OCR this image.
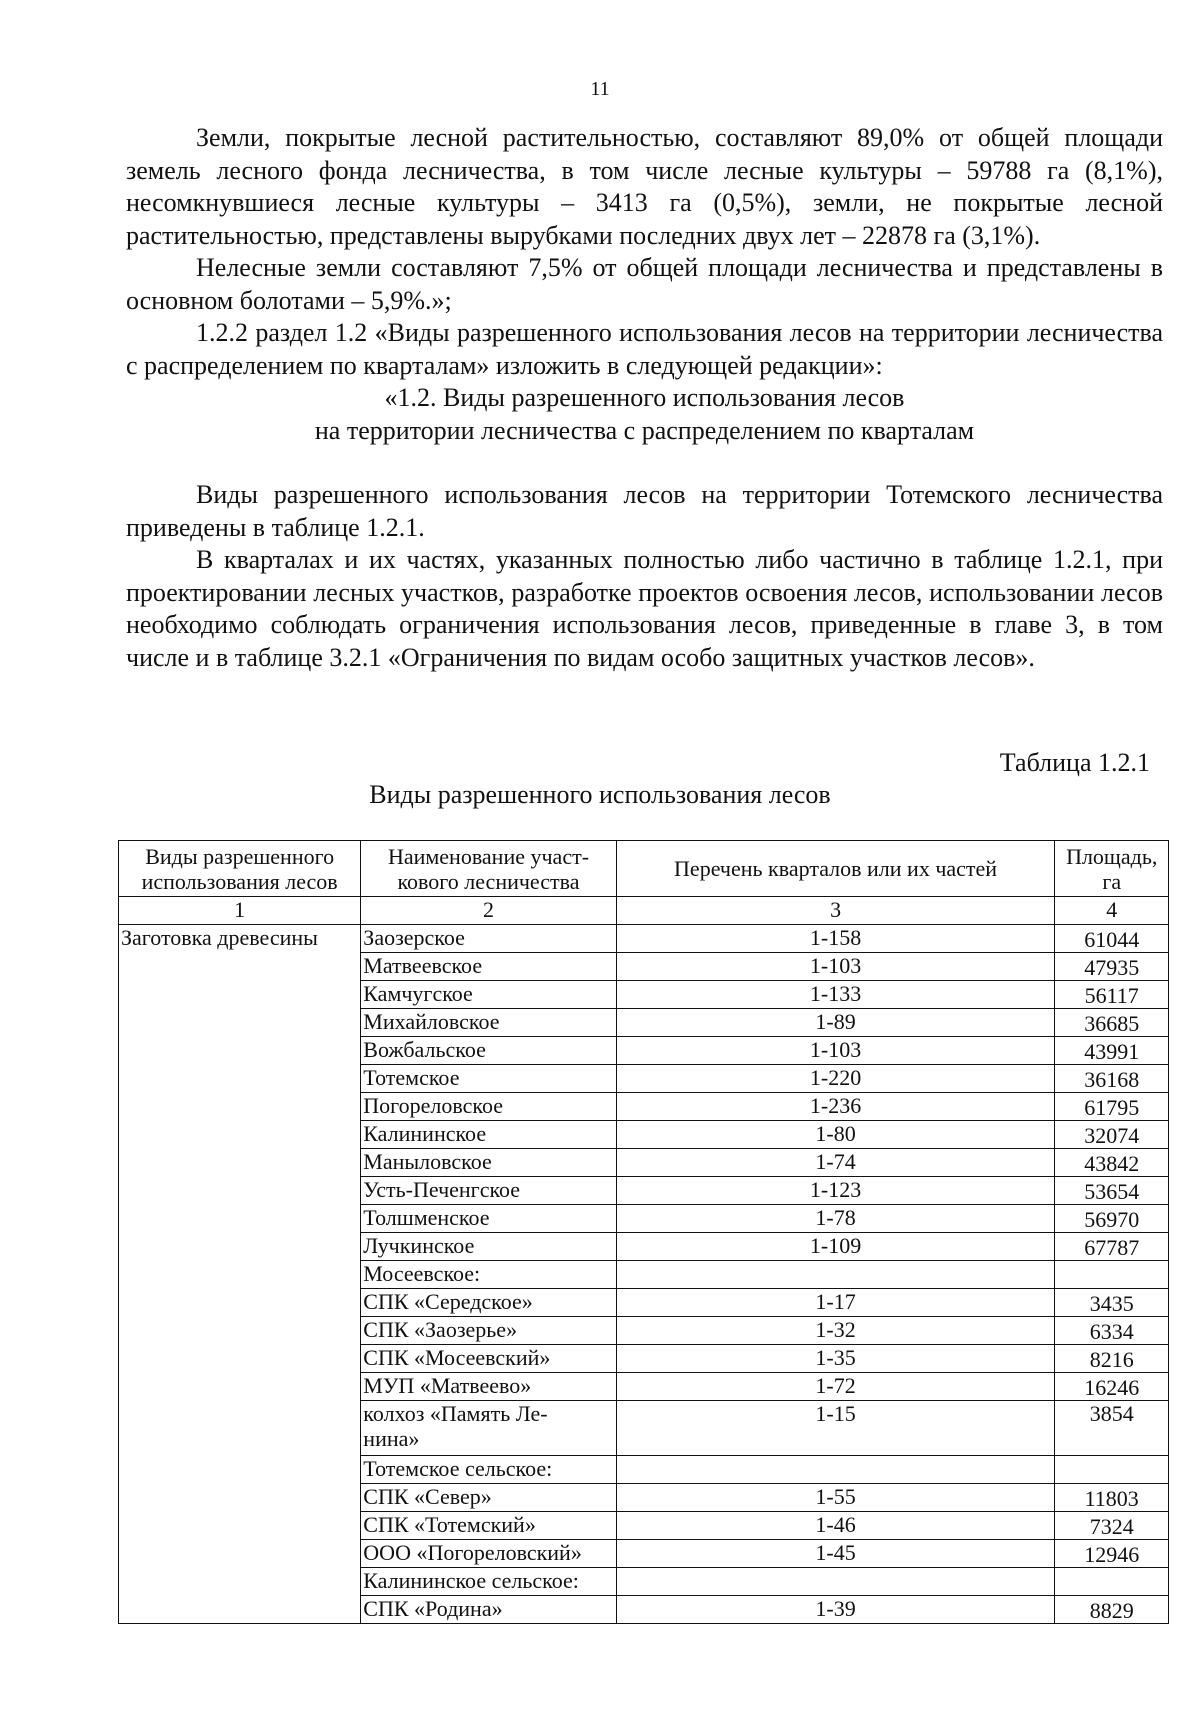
11

Земли, покрытые лесной растительностью, составляют 89,0% от общей площади земель лесного фонда лесничества, в том числе лесные культуры – 59788 га (8,1%), несомкнувшиеся лесные культуры – 3413 га (0,5%), земли, не покрытые лесной растительностью, представлены вырубками последних двух лет – 22878 га (3,1%).

Нелесные земли составляют 7,5% от общей площади лесничества и представлены в основном болотами – 5,9%.»;

1.2.2 раздел 1.2 «Виды разрешенного использования лесов на территории лесничества с распределением по кварталам» изложить в следующей редакции»:

«1.2. Виды разрешенного использования лесов

на территории лесничества с распределением по кварталам

Виды разрешенного использования лесов на территории Тотемского лесничества приведены в таблице 1.2.1.

В кварталах и их частях, указанных полностью либо частично в таблице 1.2.1, при проектировании лесных участков, разработке проектов освоения лесов, использовании лесов необходимо соблюдать ограничения использования лесов, приведенные в главе 3, в том числе и в таблице 3.2.1 «Ограничения по видам особо защитных участков лесов».

Таблица 1.2.1
Виды разрешенного использования лесов
Виды разрешенного
использования лесов	Наименование участ-
кового лесничества	Перечень кварталов или их частей	Площадь,
га
1	2	3	4
Заготовка древесины	Заозерское	1-158	61044
	Матвеевское	1-103	47935
	Камчугское	1-133	56117
	Михайловское	1-89	36685
	Вожбальское	1-103	43991
	Тотемское	1-220	36168
	Погореловское	1-236	61795
	Калининское	1-80	32074
	Маныловское	1-74	43842
	Усть-Печенгское	1-123	53654
	Толшменское	1-78	56970
	Лучкинское	1-109	67787
	Мосеевское:		
	СПК «Середское»	1-17	3435
	СПК «Заозерье»	1-32	6334
	СПК «Мосеевский»	1-35	8216
	МУП «Матвеево»	1-72	16246
	колхоз «Память Ле-
нина»	1-15	3854
	Тотемское сельское:		
	СПК «Север»	1-55	11803
	СПК «Тотемский»	1-46	7324
	ООО «Погореловский»	1-45	12946
	Калининское сельское:		
	СПК «Родина»	1-39	8829
